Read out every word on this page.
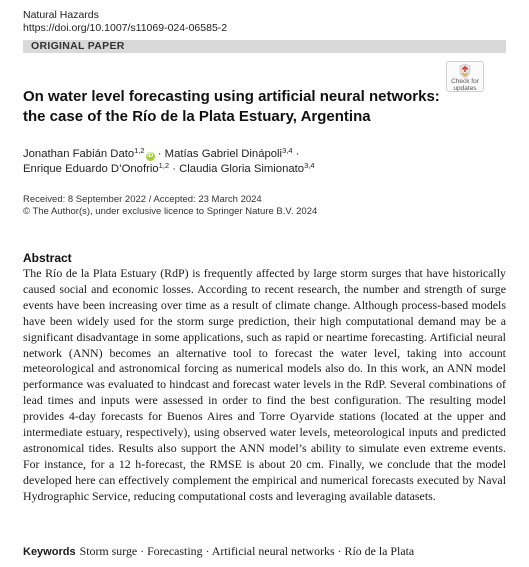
Natural Hazards
https://doi.org/10.1007/s11069-024-06585-2
ORIGINAL PAPER
Check for
updates
On water level forecasting using artificial neural networks: the case of the Río de la Plata Estuary, Argentina
Jonathan Fabián Dato$^{1,2}$iD · Matías Gabriel Dinápoli$^{3,4}$ ·
Enrique Eduardo D’Onofrio$^{1,2}$ · Claudia Gloria Simionato$^{3,4}$
Received: 8 September 2022 / Accepted: 23 March 2024
© The Author(s), under exclusive licence to Springer Nature B.V. 2024
Abstract

The Río de la Plata Estuary (RdP) is frequently affected by large storm surges that have historically caused social and economic losses. According to recent research, the number and strength of surge events have been increasing over time as a result of climate change. Although process-based models have been widely used for the storm surge prediction, their high computational demand may be a significant disadvantage in some applications, such as rapid or neartime forecasting. Artificial neural network (ANN) becomes an alternative tool to forecast the water level, taking into account meteorological and astronomical forcing as numerical models also do. In this work, an ANN model performance was evaluated to hindcast and forecast water levels in the RdP. Several combinations of lead times and inputs were assessed in order to find the best configuration. The resulting model provides 4-day forecasts for Buenos Aires and Torre Oyarvide stations (located at the upper and intermediate estuary, respectively), using observed water levels, meteorological inputs and predicted astronomical tides. Results also support the ANN model’s ability to simulate even extreme events. For instance, for a 12 h-forecast, the RMSE is about 20 cm. Finally, we conclude that the model developed here can effectively complement the empirical and numerical forecasts executed by Naval Hydrographic Service, reducing computational costs and leveraging available datasets.

Keywords Storm surge · Forecasting · Artificial neural networks · Río de la Plata
